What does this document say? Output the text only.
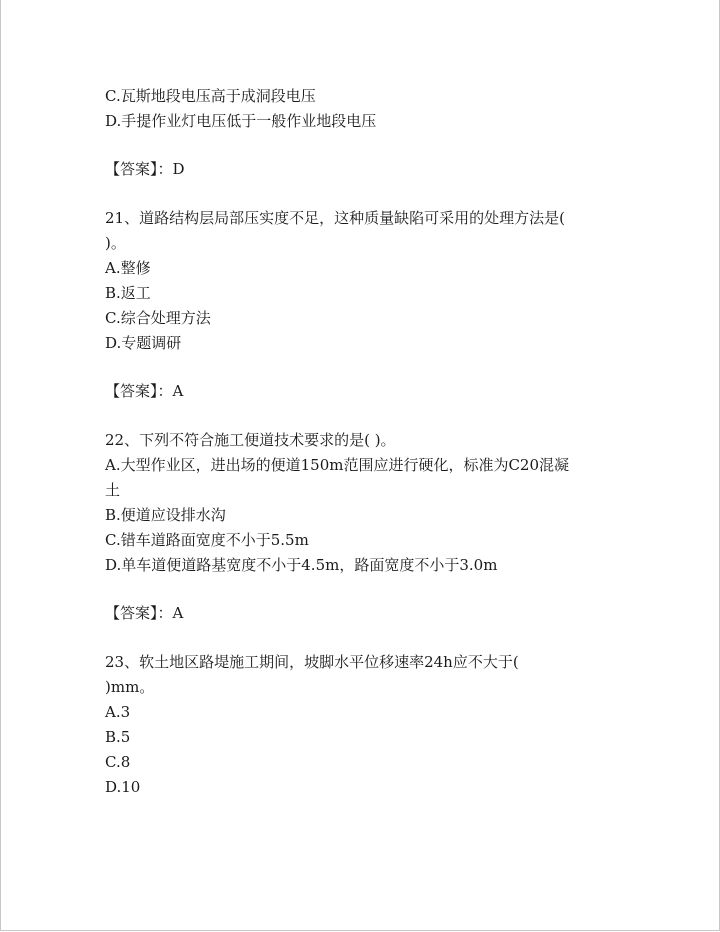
C.瓦斯地段电压高于成洞段电压
D.手提作业灯电压低于一般作业地段电压
【答案】：D
21、道路结构层局部压实度不足，这种质量缺陷可采用的处理方法是(
)。
A.整修
B.返工
C.综合处理方法
D.专题调研
【答案】：A
22、下列不符合施工便道技术要求的是( )。
A.大型作业区，进出场的便道150m范围应进行硬化，标准为C20混凝
土
B.便道应设排水沟
C.错车道路面宽度不小于5.5m
D.单车道便道路基宽度不小于4.5m，路面宽度不小于3.0m
【答案】：A
23、软土地区路堤施工期间，坡脚水平位移速率24h应不大于(
)mm。
A.3
B.5
C.8
D.10
